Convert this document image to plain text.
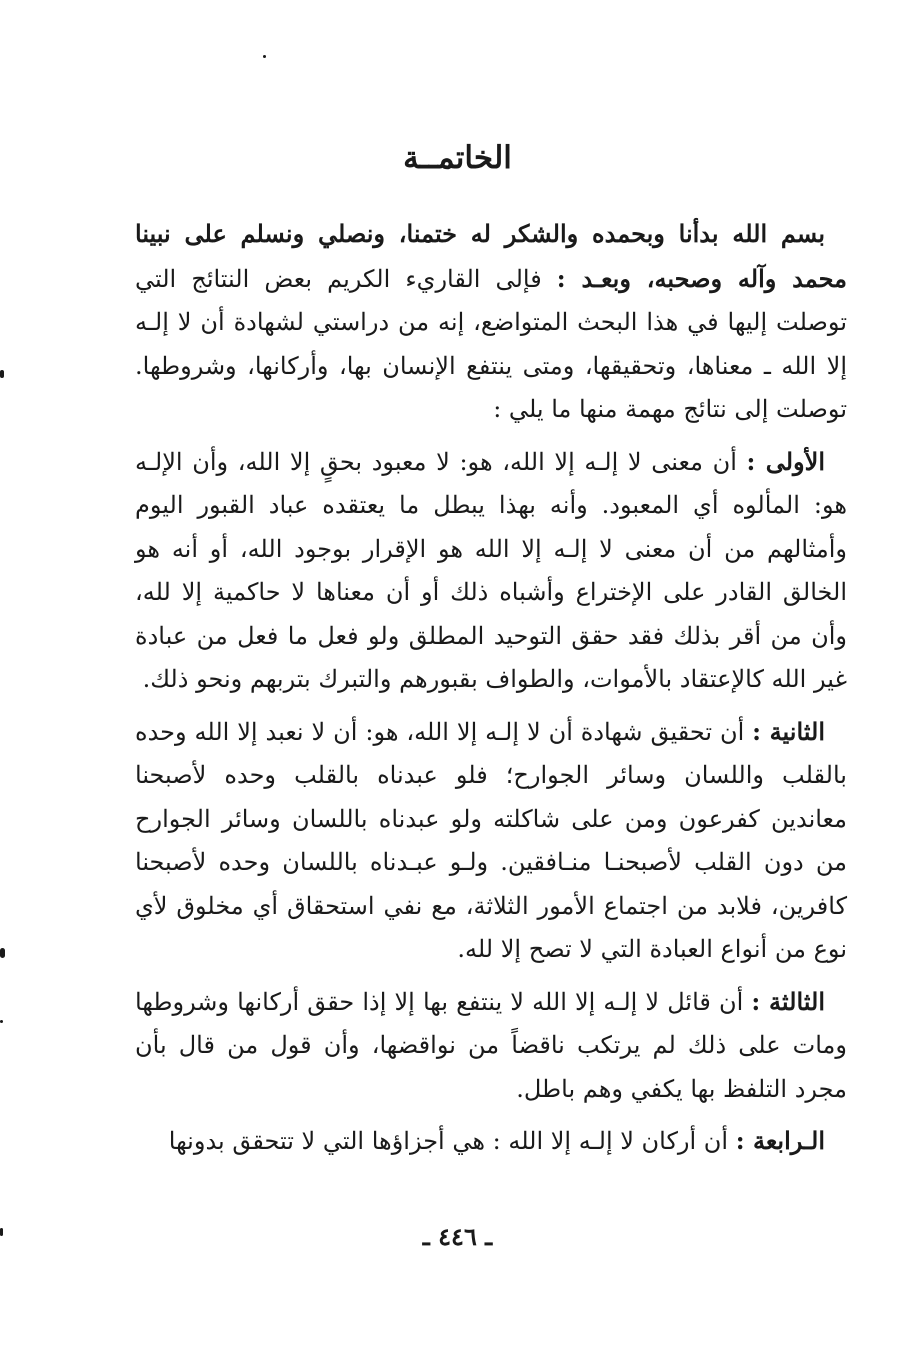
الخاتمــة

بسم الله بدأنا وبحمده والشكر له ختمنا، ونصلي ونسلم على نبينا محمد وآله وصحبه، وبعـد : فإلى القاريء الكريم بعض النتائج التي توصلت إليها في هذا البحث المتواضع، إنه من دراستي لشهادة أن لا إلـه إلا الله ـ معناها، وتحقيقها، ومتى ينتفع الإنسان بها، وأركانها، وشروطها. توصلت إلى نتائج مهمة منها ما يلي :

الأولى : أن معنى لا إلـه إلا الله، هو: لا معبود بحقٍ إلا الله، وأن الإلـه هو: المألوه أي المعبود. وأنه بهذا يبطل ما يعتقده عباد القبور اليوم وأمثالهم من أن معنى لا إلـه إلا الله هو الإقرار بوجود الله، أو أنه هو الخالق القادر على الإختراع وأشباه ذلك أو أن معناها لا حاكمية إلا لله، وأن من أقر بذلك فقد حقق التوحيد المطلق ولو فعل ما فعل من عبادة غير الله كالإعتقاد بالأموات، والطواف بقبورهم والتبرك بتربهم ونحو ذلك.

الثانية : أن تحقيق شهادة أن لا إلـه إلا الله، هو: أن لا نعبد إلا الله وحده بالقلب واللسان وسائر الجوارح؛ فلو عبدناه بالقلب وحده لأصبحنا معاندين كفرعون ومن على شاكلته ولو عبدناه باللسان وسائر الجوارح من دون القلب لأصبحنـا منـافقين. ولـو عبـدناه باللسان وحده لأصبحنا كافرين، فلابد من اجتماع الأمور الثلاثة، مع نفي استحقاق أي مخلوق لأي نوع من أنواع العبادة التي لا تصح إلا لله.

الثالثة : أن قائل لا إلـه إلا الله لا ينتفع بها إلا إذا حقق أركانها وشروطها ومات على ذلك لم يرتكب ناقضاً من نواقضها، وأن قول من قال بأن مجرد التلفظ بها يكفي وهم باطل.

الـرابعة : أن أركان لا إلـه إلا الله : هي أجزاؤها التي لا تتحقق بدونها

ـ ٤٤٦ ـ
